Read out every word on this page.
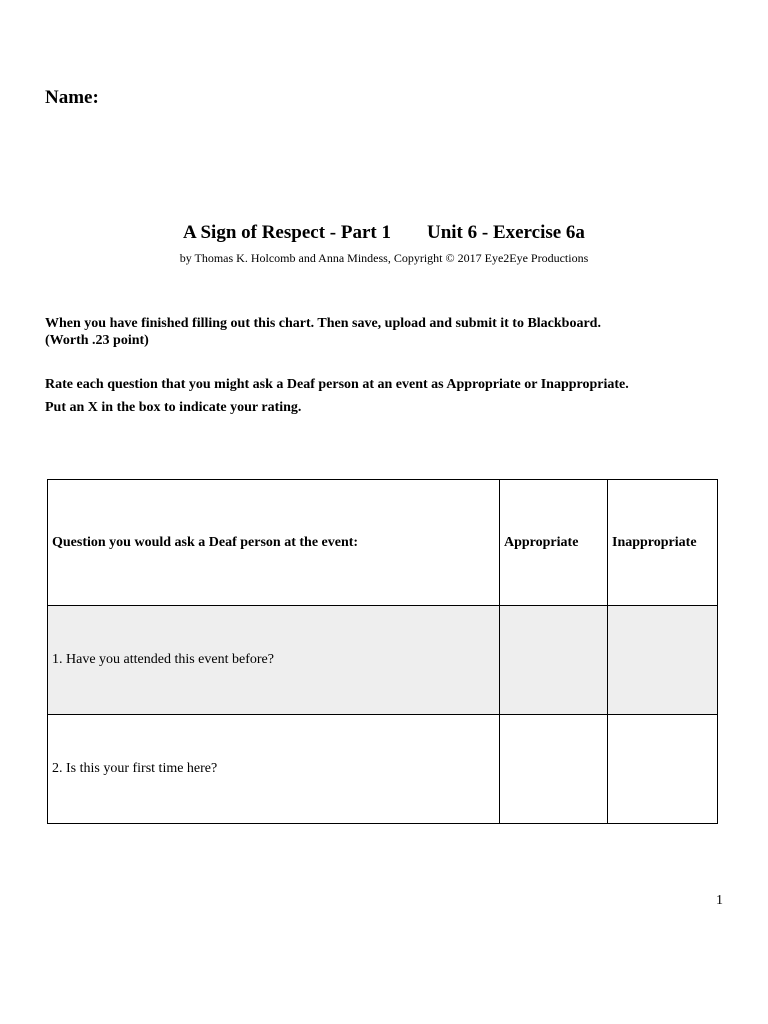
Name:
A Sign of Respect - Part 1 Unit 6 - Exercise 6a
by Thomas K. Holcomb and Anna Mindess, Copyright © 2017 Eye2Eye Productions
When you have finished filling out this chart. Then save, upload and submit it to Blackboard.
(Worth .23 point)
Rate each question that you might ask a Deaf person at an event as Appropriate or Inappropriate.
Put an X in the box to indicate your rating.
Question you would ask a Deaf person at the event:	Appropriate	Inappropriate
1. Have you attended this event before?		
2. Is this your first time here?		
1
